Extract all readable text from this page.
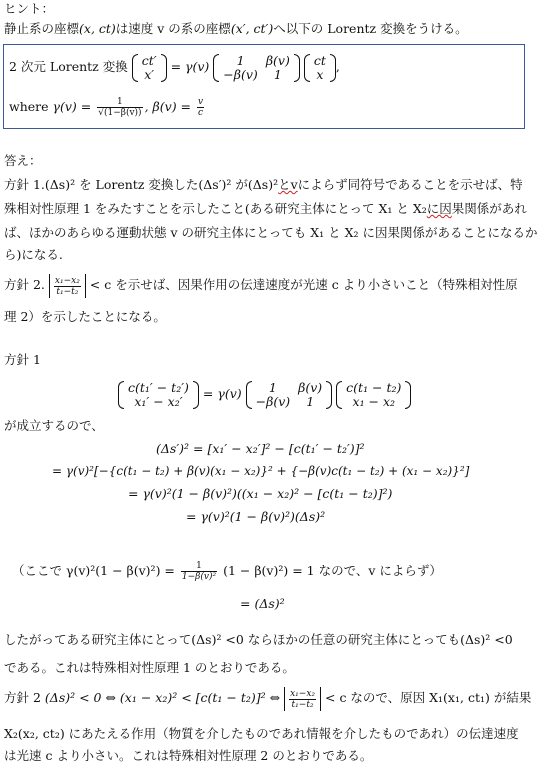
ヒント：
静止系の座標(x, ct)は速度 v の系の座標(x′, ct′)へ以下の Lorentz 変換をうける。
2 次元 Lorentz 変換 ct′
x′ = γ(v) 1	β(v)
−β(v)	1

ct
x ,
where $\gamma(v) = \frac{1}{√(1-\beta(v))}$ , $\beta(v) = \frac{v}{c}$
答え：
方針 1.(Δs)² を Lorentz 変換した(Δs′)² が(Δs)²とvによらず同符号であることを示せば、特
殊相対性原理 1 をみたすことを示したこと(ある研究主体にとって X₁ と X₂に因果関係があれ
ば、ほかのあらゆる運動状態 v の研究主体にとっても X₁ と X₂ に因果関係があることになるか
ら)になる.
方針 2. $\frac{\text{x₁−x₂}}{\text{t₁−t₂}} < c$ を示せば、因果作用の伝達速度が光速 c より小さいこと（特殊相対性原
理 2）を示したことになる。
方針 1
c(t₁′ − t₂′)
x₁′ − x₂′ = γ(v) 1	β(v)
−β(v)	1

c(t₁ − t₂)
x₁ − x₂
が成立するので、
(Δs′)² = [x₁′ − x₂′]² − [c(t₁′ − t₂′)]²
= γ(v)²[−{c(t₁ − t₂) + β(v)(x₁ − x₂)}² + {−β(v)c(t₁ − t₂) + (x₁ − x₂)}²]
= γ(v)²(1 − β(v)²)((x₁ − x₂)² − [c(t₁ − t₂)]²)
= γ(v)²(1 − β(v)²)(Δs)²
（ここで $\gamma(v)^2(1 - \beta(v)^2) = \frac{1}{\text{1−β(v)²}} (1 - \beta(v)^2) = 1$ なので、v によらず）
= (Δs)²
したがってある研究主体にとって(Δs)² <0 ならほかの任意の研究主体にとっても(Δs)² <0
である。これは特殊相対性原理 1 のとおりである。
方針 2 (Δs)² < 0 ⇔ (x₁ − x₂)² < [c(t₁ − t₂)]² ⇔ $\frac{\text{x₁−x₂}}{\text{t₁−t₂}} < c$ なので、原因 X₁(x₁, ct₁) が結果
X₂(x₂, ct₂) にあたえる作用（物質を介したものであれ情報を介したものであれ）の伝達速度
は光速 c より小さい。これは特殊相対性原理 2 のとおりである。
